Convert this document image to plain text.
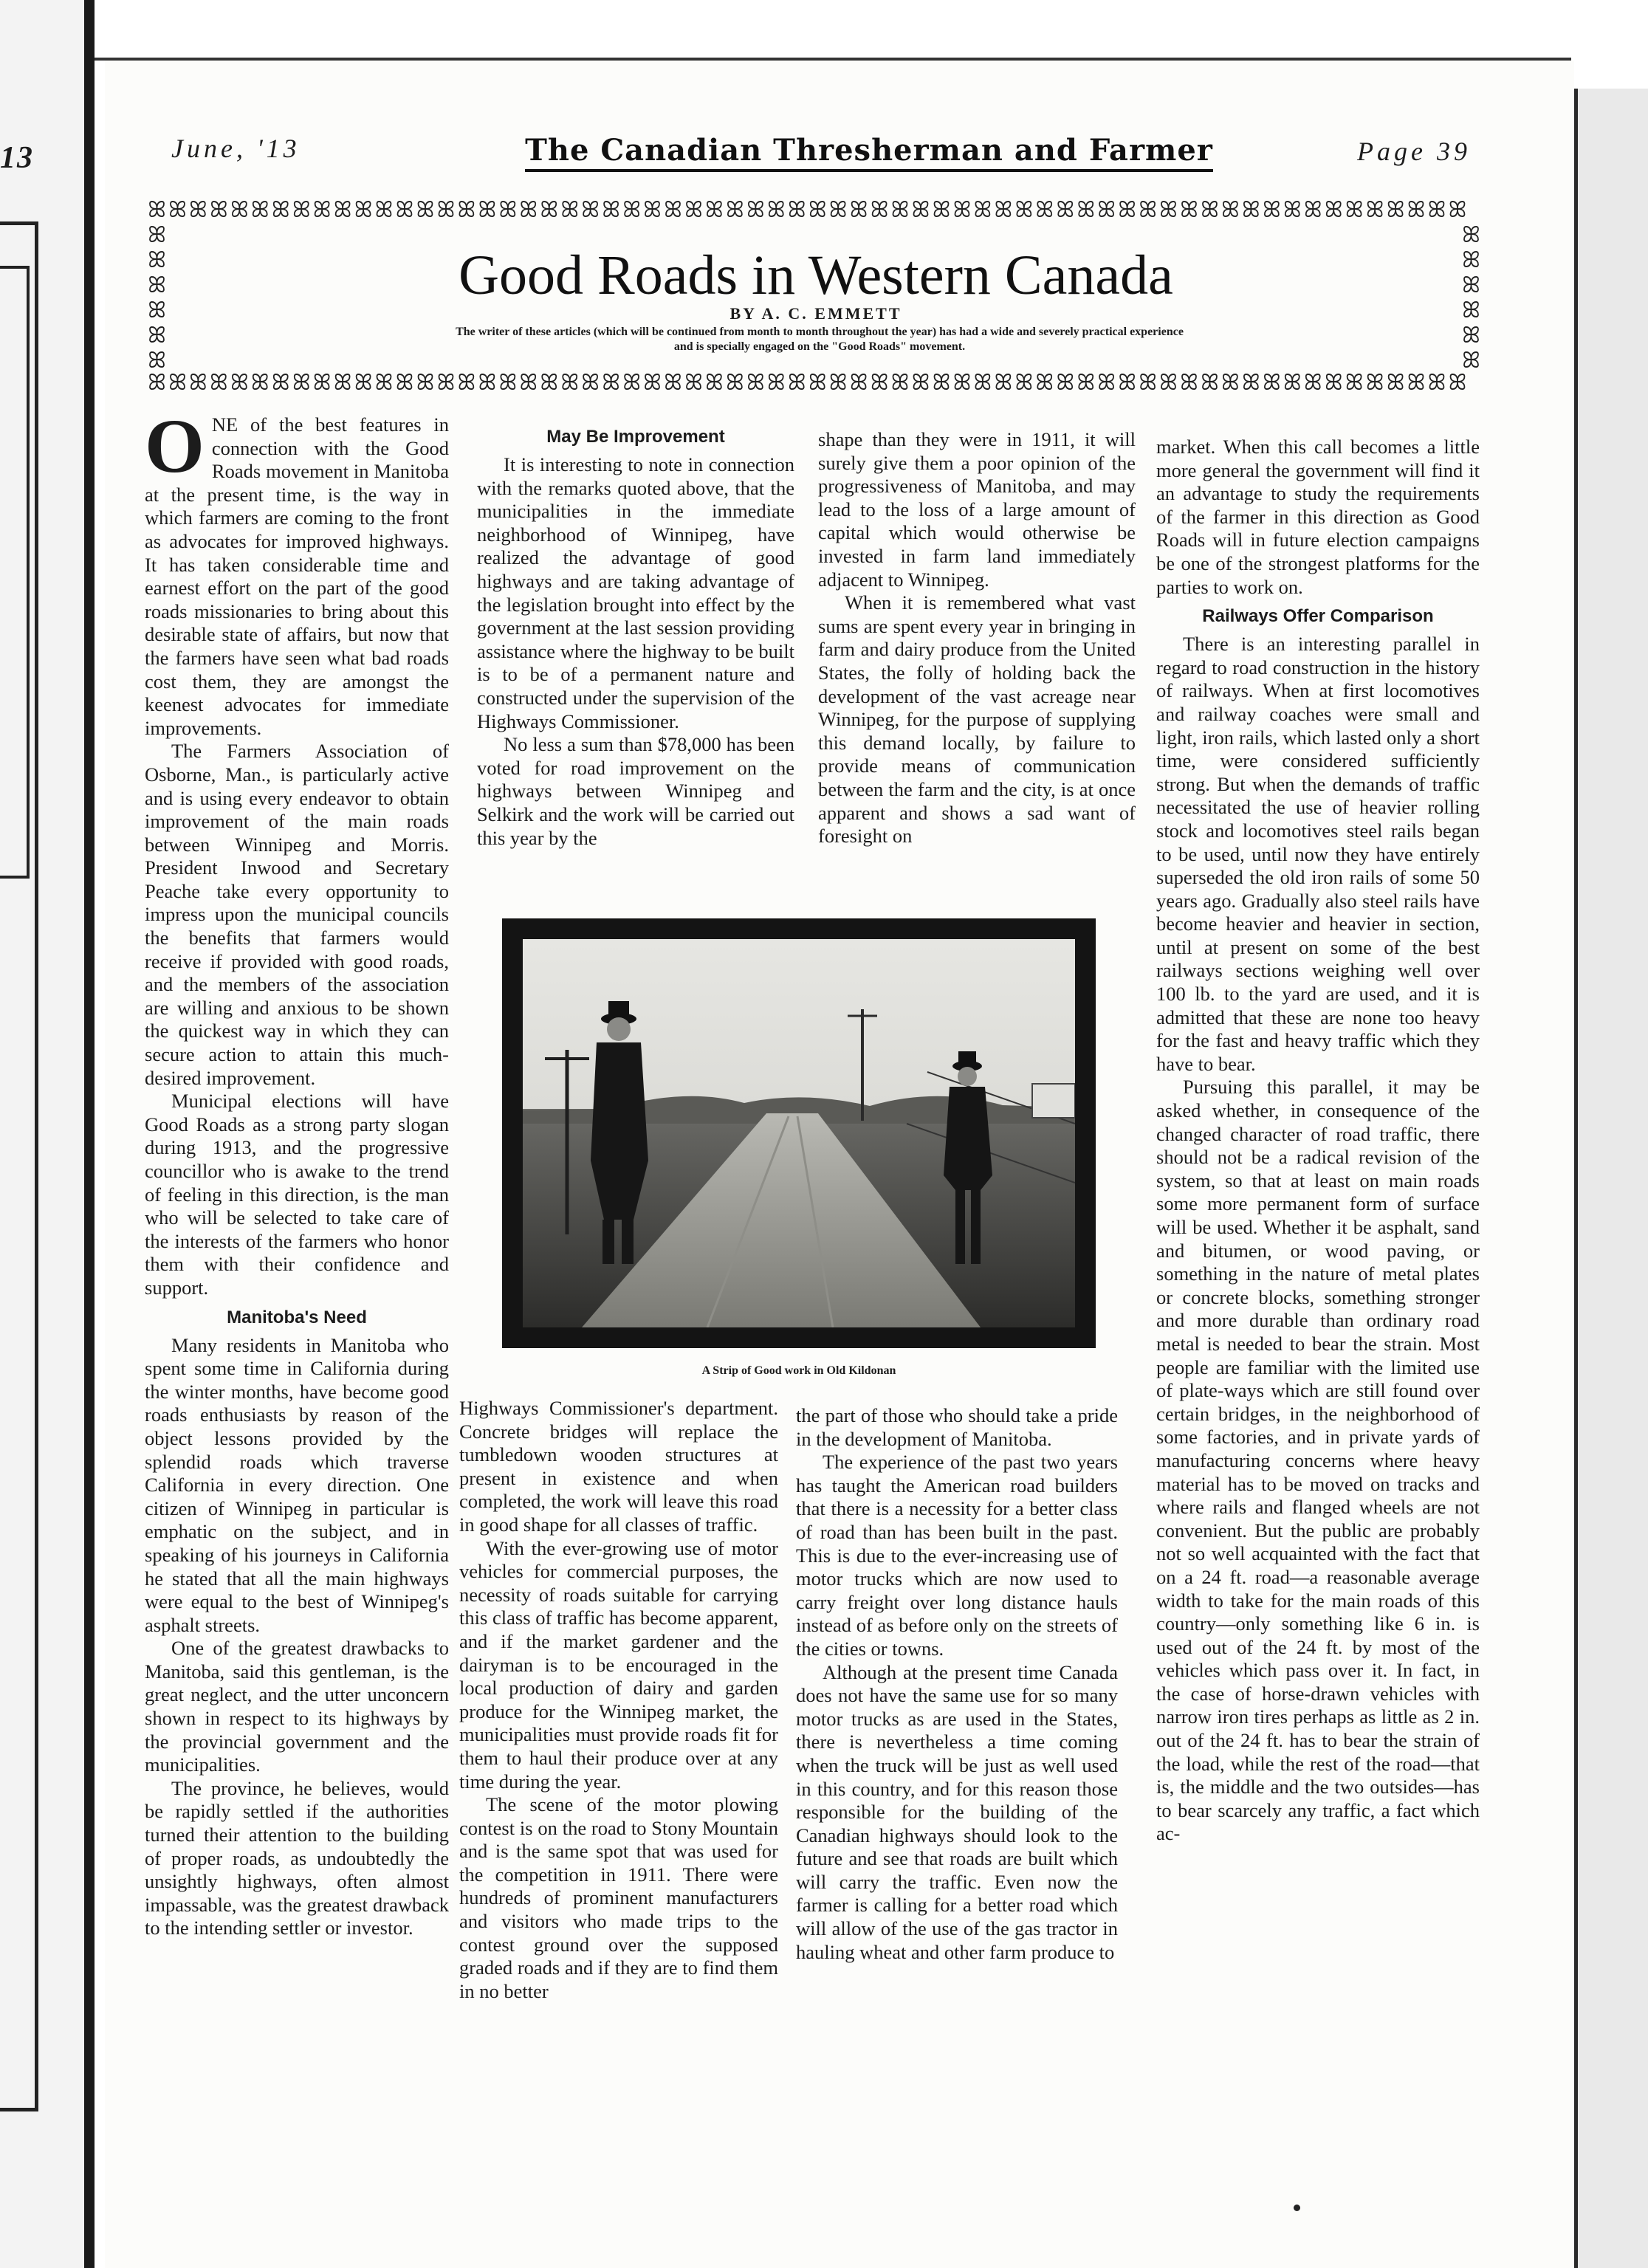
13	June, '13	The Canadian Thresherman and Farmer	Page 39
ꕤꕤꕤꕤꕤꕤꕤꕤꕤꕤꕤꕤꕤꕤꕤꕤꕤꕤꕤꕤꕤꕤꕤꕤꕤꕤꕤꕤꕤꕤꕤꕤꕤꕤꕤꕤꕤꕤꕤꕤꕤꕤꕤꕤꕤꕤꕤꕤꕤꕤꕤꕤꕤꕤꕤꕤꕤꕤꕤꕤꕤꕤꕤꕤ
ꕤꕤꕤꕤꕤꕤꕤꕤꕤꕤꕤꕤꕤꕤꕤꕤꕤꕤꕤꕤꕤꕤꕤꕤꕤꕤꕤꕤꕤꕤꕤꕤꕤꕤꕤꕤꕤꕤꕤꕤꕤꕤꕤꕤꕤꕤꕤꕤꕤꕤꕤꕤꕤꕤꕤꕤꕤꕤꕤꕤꕤꕤꕤꕤ
ꕤ
ꕤ
ꕤ
ꕤ
ꕤ
ꕤ

ꕤ
ꕤ
ꕤ
ꕤ
ꕤ
ꕤ

Good Roads in Western Canada
BY A. C. EMMETT
The writer of these articles (which will be continued from month to month throughout the year) has had a wide and severely practical experience
and is specially engaged on the "Good Roads" movement.

ONE of the best features in connection with the Good Roads movement in Manitoba at the present time, is the way in which farmers are coming to the front as advocates for improved highways. It has taken considerable time and earnest effort on the part of the good roads missionaries to bring about this desirable state of affairs, but now that the farmers have seen what bad roads cost them, they are amongst the keenest advocates for immediate improvements.

The Farmers Association of Osborne, Man., is particularly active and is using every endeavor to obtain improvement of the main roads between Winnipeg and Morris. President Inwood and Secretary Peache take every opportunity to impress upon the municipal councils the benefits that farmers would receive if provided with good roads, and the members of the association are willing and anxious to be shown the quickest way in which they can secure action to attain this much-desired improvement.

Municipal elections will have Good Roads as a strong party slogan during 1913, and the progressive councillor who is awake to the trend of feeling in this direction, is the man who will be selected to take care of the interests of the farmers who honor them with their confidence and support.

Manitoba's Need

Many residents in Manitoba who spent some time in California during the winter months, have become good roads enthusiasts by reason of the object lessons provided by the splendid roads which traverse California in every direction. One citizen of Winnipeg in particular is emphatic on the subject, and in speaking of his journeys in California he stated that all the main highways were equal to the best of Winnipeg's asphalt streets.

One of the greatest drawbacks to Manitoba, said this gentleman, is the great neglect, and the utter unconcern shown in respect to its highways by the provincial government and the municipalities.

The province, he believes, would be rapidly settled if the authorities turned their attention to the building of proper roads, as undoubtedly the unsightly highways, often almost impassable, was the greatest drawback to the intending settler or investor.

May Be Improvement

It is interesting to note in connection with the remarks quoted above, that the municipalities in the immediate neighborhood of Winnipeg, have realized the advantage of good highways and are taking advantage of the legislation brought into effect by the government at the last session providing assistance where the highway to be built is to be of a permanent nature and constructed under the supervision of the Highways Commissioner.

No less a sum than $78,000 has been voted for road improvement on the highways between Winnipeg and Selkirk and the work will be carried out this year by the

shape than they were in 1911, it will surely give them a poor opinion of the progressiveness of Manitoba, and may lead to the loss of a large amount of capital which would otherwise be invested in farm land immediately adjacent to Winnipeg.

When it is remembered what vast sums are spent every year in bringing in farm and dairy produce from the United States, the folly of holding back the development of the vast acreage near Winnipeg, for the purpose of supplying this demand locally, by failure to provide means of communication between the farm and the city, is at once apparent and shows a sad want of foresight on

A Strip of Good work in Old Kildonan

Highways Commissioner's department. Concrete bridges will replace the tumbledown wooden structures at present in existence and when completed, the work will leave this road in good shape for all classes of traffic.

With the ever-growing use of motor vehicles for commercial purposes, the necessity of roads suitable for carrying this class of traffic has become apparent, and if the market gardener and the dairyman is to be encouraged in the local production of dairy and garden produce for the Winnipeg market, the municipalities must provide roads fit for them to haul their produce over at any time during the year.

The scene of the motor plowing contest is on the road to Stony Mountain and is the same spot that was used for the competition in 1911. There were hundreds of prominent manufacturers and visitors who made trips to the contest ground over the supposed graded roads and if they are to find them in no better

the part of those who should take a pride in the development of Manitoba.

The experience of the past two years has taught the American road builders that there is a necessity for a better class of road than has been built in the past. This is due to the ever-increasing use of motor trucks which are now used to carry freight over long distance hauls instead of as before only on the streets of the cities or towns.

Although at the present time Canada does not have the same use for so many motor trucks as are used in the States, there is nevertheless a time coming when the truck will be just as well used in this country, and for this reason those responsible for the building of the Canadian highways should look to the future and see that roads are built which will carry the traffic. Even now the farmer is calling for a better road which will allow of the use of the gas tractor in hauling wheat and other farm produce to

market. When this call becomes a little more general the government will find it an advantage to study the requirements of the farmer in this direction as Good Roads will in future election campaigns be one of the strongest platforms for the parties to work on.

Railways Offer Comparison

There is an interesting parallel in regard to road construction in the history of railways. When at first locomotives and railway coaches were small and light, iron rails, which lasted only a short time, were considered sufficiently strong. But when the demands of traffic necessitated the use of heavier rolling stock and locomotives steel rails began to be used, until now they have entirely superseded the old iron rails of some 50 years ago. Gradually also steel rails have become heavier and heavier in section, until at present on some of the best railways sections weighing well over 100 lb. to the yard are used, and it is admitted that these are none too heavy for the fast and heavy traffic which they have to bear.

Pursuing this parallel, it may be asked whether, in consequence of the changed character of road traffic, there should not be a radical revision of the system, so that at least on main roads some more permanent form of surface will be used. Whether it be asphalt, sand and bitumen, or wood paving, or something in the nature of metal plates or concrete blocks, something stronger and more durable than ordinary road metal is needed to bear the strain. Most people are familiar with the limited use of plate-ways which are still found over certain bridges, in the neighborhood of some factories, and in private yards of manufacturing concerns where heavy material has to be moved on tracks and where rails and flanged wheels are not convenient. But the public are probably not so well acquainted with the fact that on a 24 ft. road—a reasonable average width to take for the main roads of this country—only something like 6 in. is used out of the 24 ft. by most of the vehicles which pass over it. In fact, in the case of horse-drawn vehicles with narrow iron tires perhaps as little as 2 in. out of the 24 ft. has to bear the strain of the load, while the rest of the road—that is, the middle and the two outsides—has to bear scarcely any traffic, a fact which ac-
